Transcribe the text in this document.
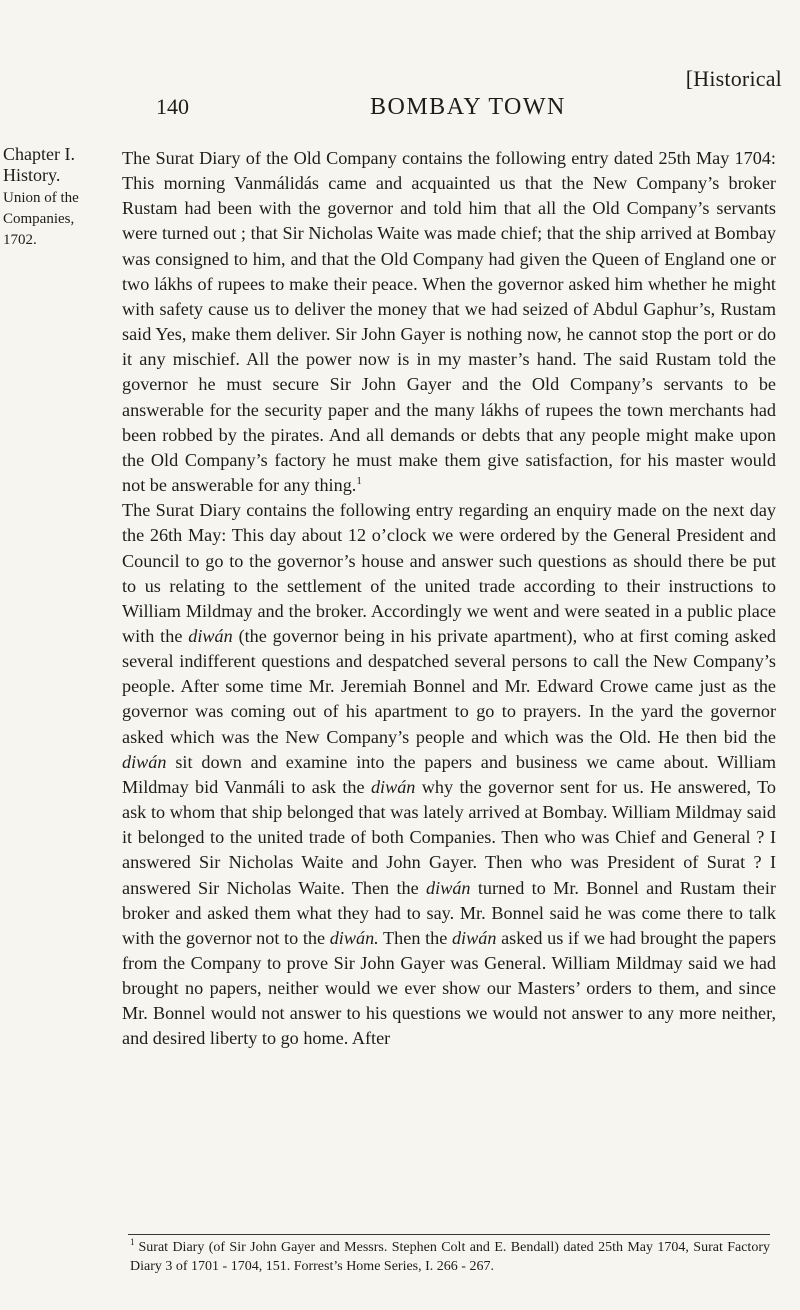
[Historical
140	BOMBAY TOWN
Chapter I.
History.
Union of the Companies,
1702.

The Surat Diary of the Old Company contains the following entry dated 25th May 1704: This morning Vanmálidás came and acquainted us that the New Company’s broker Rustam had been with the governor and told him that all the Old Company’s servants were turned out ; that Sir Nicholas Waite was made chief; that the ship arrived at Bombay was consigned to him, and that the Old Company had given the Queen of England one or two lákhs of rupees to make their peace. When the governor asked him whether he might with safety cause us to deliver the money that we had seized of Abdul Gaphur’s, Rustam said Yes, make them deliver. Sir John Gayer is nothing now, he cannot stop the port or do it any mischief. All the power now is in my master’s hand. The said Rustam told the governor he must secure Sir John Gayer and the Old Company’s servants to be answerable for the security paper and the many lákhs of rupees the town merchants had been robbed by the pirates. And all demands or debts that any people might make upon the Old Company’s factory he must make them give satisfaction, for his master would not be answerable for any thing.$^1$

The Surat Diary contains the following entry regarding an enquiry made on the next day the 26th May: This day about 12 o’clock we were ordered by the General President and Council to go to the governor’s house and answer such questions as should there be put to us relating to the settlement of the united trade according to their instructions to William Mildmay and the broker. Accordingly we went and were seated in a public place with the diwán (the governor being in his private apartment), who at first coming asked several indifferent questions and despatched several persons to call the New Company’s people. After some time Mr. Jeremiah Bonnel and Mr. Edward Crowe came just as the governor was coming out of his apartment to go to prayers. In the yard the governor asked which was the New Company’s people and which was the Old. He then bid the diwán sit down and examine into the papers and business we came about. William Mildmay bid Vanmáli to ask the diwán why the governor sent for us. He answered, To ask to whom that ship belonged that was lately arrived at Bombay. William Mildmay said it belonged to the united trade of both Companies. Then who was Chief and General ? I answered Sir Nicholas Waite and John Gayer. Then who was President of Surat ? I answered Sir Nicholas Waite. Then the diwán turned to Mr. Bonnel and Rustam their broker and asked them what they had to say. Mr. Bonnel said he was come there to talk with the governor not to the diwán. Then the diwán asked us if we had brought the papers from the Company to prove Sir John Gayer was General. William Mildmay said we had brought no papers, neither would we ever show our Masters’ orders to them, and since Mr. Bonnel would not answer to his questions we would not answer to any more neither, and desired liberty to go home. After

$^1$ Surat Diary (of Sir John Gayer and Messrs. Stephen Colt and E. Bendall) dated 25th May 1704, Surat Factory Diary 3 of 1701 - 1704, 151. Forrest’s Home Series, I. 266 - 267.
